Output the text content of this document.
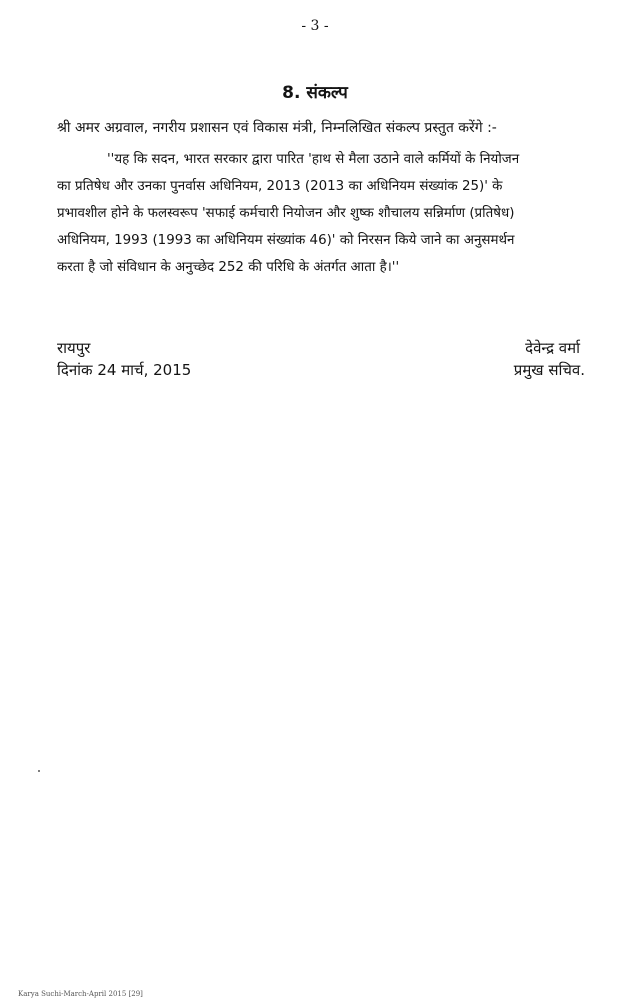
- 3 -
8. संकल्प
श्री अमर अग्रवाल, नगरीय प्रशासन एवं विकास मंत्री, निम्नलिखित संकल्प प्रस्तुत करेंगे :-
''यह कि सदन, भारत सरकार द्वारा पारित 'हाथ से मैला उठाने वाले कर्मियों के नियोजन
का प्रतिषेध और उनका पुनर्वास अधिनियम, 2013 (2013 का अधिनियम संख्यांक 25)' के
प्रभावशील होने के फलस्वरूप 'सफाई कर्मचारी नियोजन और शुष्क शौचालय सन्निर्माण (प्रतिषेध)
अधिनियम, 1993 (1993 का अधिनियम संख्यांक 46)' को निरसन किये जाने का अनुसमर्थन
करता है जो संविधान के अनुच्छेद 252 की परिधि के अंतर्गत आता है।''
रायपुर
दिनांक 24 मार्च, 2015
देवेन्द्र वर्मा
प्रमुख सचिव.
Karya Suchi-March-April 2015 [29]
